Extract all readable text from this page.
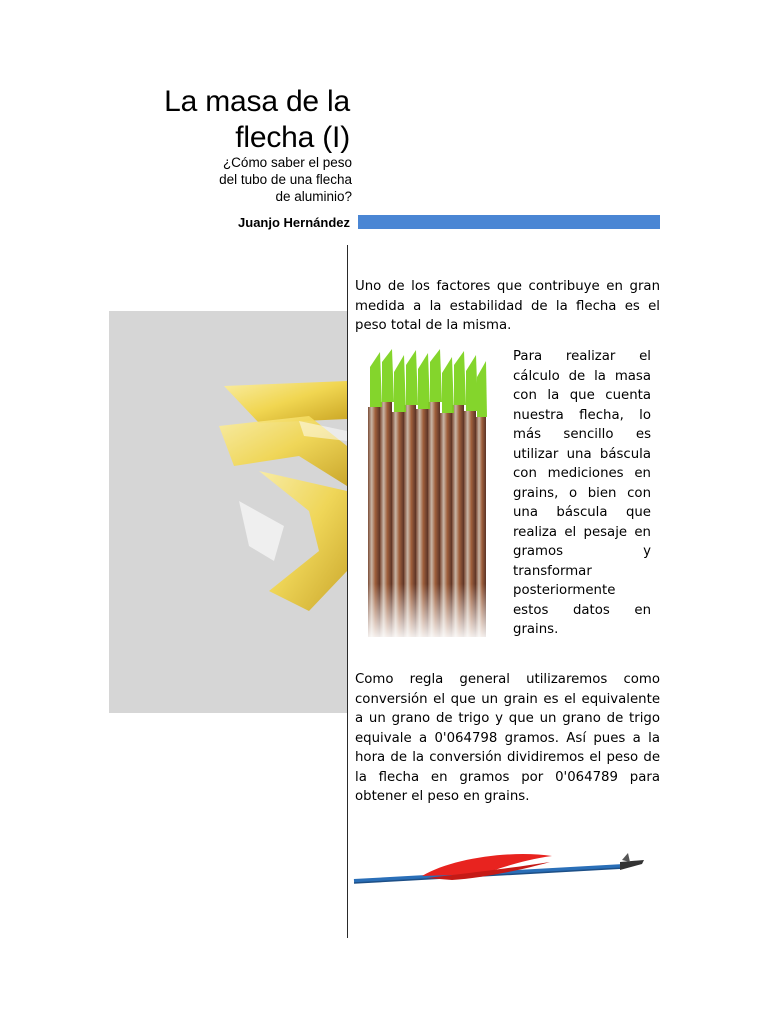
La masa de la
flecha (I)
¿Cómo saber el peso
del tubo de una flecha
de aluminio?
Juanjo Hernández
Uno de los factores que contribuye en gran medida a la estabilidad de la flecha es el peso total de la misma.
Para realizar el cálculo de la masa con la que cuenta nuestra flecha, lo más sencillo es utilizar una báscula con mediciones en grains, o bien con una báscula que realiza el pesaje en gramos y transformar posteriormente estos datos en grains.
Como regla general utilizaremos como conversión el que un grain es el equivalente a un grano de trigo y que un grano de trigo equivale a 0'064798 gramos. Así pues a la hora de la conversión dividiremos el peso de la flecha en gramos por 0'064789 para obtener el peso en grains.
